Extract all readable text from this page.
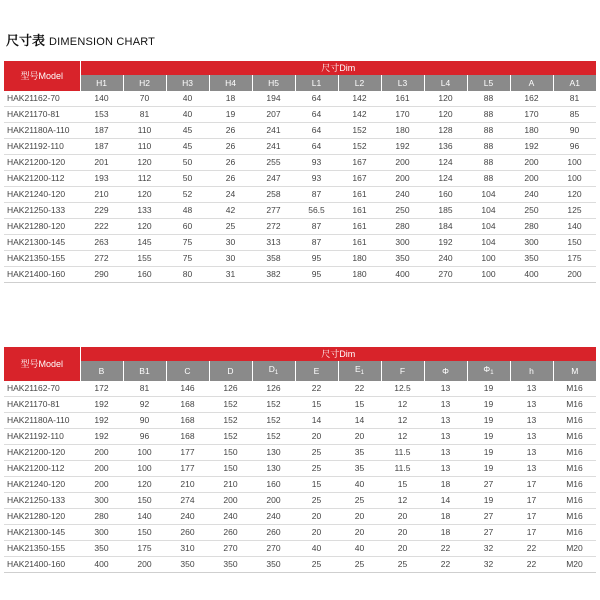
尺寸表 DIMENSION CHART
型号Model	尺寸Dim											
	H1	H2	H3	H4	H5	L1	L2	L3	L4	L5	A	A1
HAK21162-70	140	70	40	18	194	64	142	161	120	88	162	81
HAK21170-81	153	81	40	19	207	64	142	170	120	88	170	85
HAK21180A-110	187	110	45	26	241	64	152	180	128	88	180	90
HAK21192-110	187	110	45	26	241	64	152	192	136	88	192	96
HAK21200-120	201	120	50	26	255	93	167	200	124	88	200	100
HAK21200-112	193	112	50	26	247	93	167	200	124	88	200	100
HAK21240-120	210	120	52	24	258	87	161	240	160	104	240	120
HAK21250-133	229	133	48	42	277	56.5	161	250	185	104	250	125
HAK21280-120	222	120	60	25	272	87	161	280	184	104	280	140
HAK21300-145	263	145	75	30	313	87	161	300	192	104	300	150
HAK21350-155	272	155	75	30	358	95	180	350	240	100	350	175
HAK21400-160	290	160	80	31	382	95	180	400	270	100	400	200
型号Model	尺寸Dim											
	B	B1	C	D	$D_1$	E	$E_1$	F	Φ	$\Phi_1$	h	M
HAK21162-70	172	81	146	126	126	22	22	12.5	13	19	13	M16
HAK21170-81	192	92	168	152	152	15	15	12	13	19	13	M16
HAK21180A-110	192	90	168	152	152	14	14	12	13	19	13	M16
HAK21192-110	192	96	168	152	152	20	20	12	13	19	13	M16
HAK21200-120	200	100	177	150	130	25	35	11.5	13	19	13	M16
HAK21200-112	200	100	177	150	130	25	35	11.5	13	19	13	M16
HAK21240-120	200	120	210	210	160	15	40	15	18	27	17	M16
HAK21250-133	300	150	274	200	200	25	25	12	14	19	17	M16
HAK21280-120	280	140	240	240	240	20	20	20	18	27	17	M16
HAK21300-145	300	150	260	260	260	20	20	20	18	27	17	M16
HAK21350-155	350	175	310	270	270	40	40	20	22	32	22	M20
HAK21400-160	400	200	350	350	350	25	25	25	22	32	22	M20
